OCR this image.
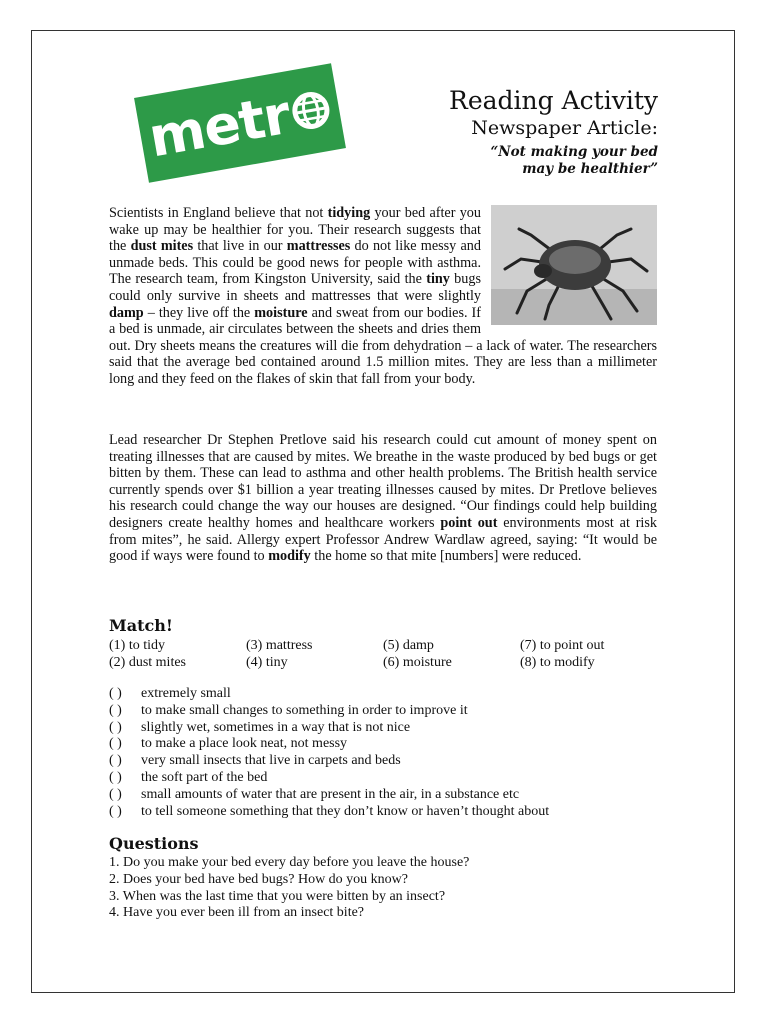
metr	Reading Activity
Newspaper Article:
“Not making your bed
may be healthier”
Scientists in England believe that not tidying your bed after you wake up may be healthier for you. Their research suggests that the dust mites that live in our mattresses do not like messy and unmade beds. This could be good news for people with asthma. The research team, from Kingston University, said the tiny bugs could only survive in sheets and mattresses that were slightly damp – they live off the moisture and sweat from our bodies. If a bed is unmade, air circulates between the sheets and dries them out. Dry sheets means the creatures will die from dehydration – a lack of water. The researchers said that the average bed contained around 1.5 million mites. They are less than a millimeter long and they feed on the flakes of skin that fall from your body.
Lead researcher Dr Stephen Pretlove said his research could cut amount of money spent on treating illnesses that are caused by mites. We breathe in the waste produced by bed bugs or get bitten by them. These can lead to asthma and other health problems. The British health service currently spends over $1 billion a year treating illnesses caused by mites. Dr Pretlove believes his research could change the way our houses are designed. “Our findings could help building designers create healthy homes and healthcare workers point out environments most at risk from mites”, he said. Allergy expert Professor Andrew Wardlaw agreed, saying: “It would be good if ways were found to modify the home so that mite [numbers] were reduced.
Match!
(1) to tidy	(3) mattress	(5) damp	(7) to point out
(2) dust mites	(4) tiny	(6) moisture	(8) to modify
( )	extremely small
( )	to make small changes to something in order to improve it
( )	slightly wet, sometimes in a way that is not nice
( )	to make a place look neat, not messy
( )	very small insects that live in carpets and beds
( )	the soft part of the bed
( )	small amounts of water that are present in the air, in a substance etc
( )	to tell someone something that they don’t know or haven’t thought about
Questions
1. Do you make your bed every day before you leave the house?
2. Does your bed have bed bugs? How do you know?
3. When was the last time that you were bitten by an insect?
4. Have you ever been ill from an insect bite?
